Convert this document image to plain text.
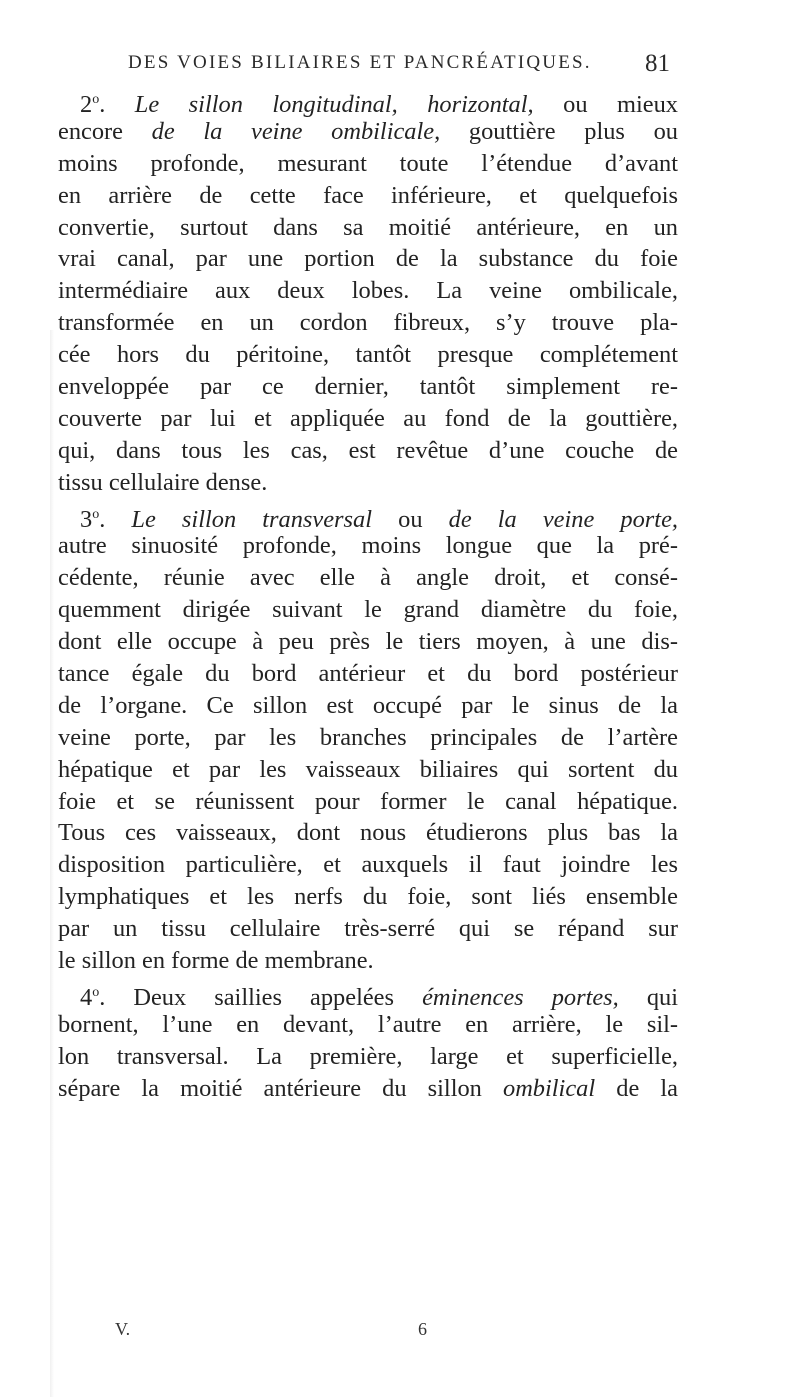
DES VOIES BILIAIRES ET PANCRÉATIQUES.	81
2$^o$. Le sillon longitudinal, horizontal, ou mieux
encore de la veine ombilicale, gouttière plus ou
moins profonde, mesurant toute l’étendue d’avant
en arrière de cette face inférieure, et quelquefois
convertie, surtout dans sa moitié antérieure, en un
vrai canal, par une portion de la substance du foie
intermédiaire aux deux lobes. La veine ombilicale,
transformée en un cordon fibreux, s’y trouve pla-
cée hors du péritoine, tantôt presque complétement
enveloppée par ce dernier, tantôt simplement re-
couverte par lui et appliquée au fond de la gouttière,
qui, dans tous les cas, est revêtue d’une couche de
tissu cellulaire dense.
3$^o$. Le sillon transversal ou de la veine porte,
autre sinuosité profonde, moins longue que la pré-
cédente, réunie avec elle à angle droit, et consé-
quemment dirigée suivant le grand diamètre du foie,
dont elle occupe à peu près le tiers moyen, à une dis-
tance égale du bord antérieur et du bord postérieur
de l’organe. Ce sillon est occupé par le sinus de la
veine porte, par les branches principales de l’artère
hépatique et par les vaisseaux biliaires qui sortent du
foie et se réunissent pour former le canal hépatique.
Tous ces vaisseaux, dont nous étudierons plus bas la
disposition particulière, et auxquels il faut joindre les
lymphatiques et les nerfs du foie, sont liés ensemble
par un tissu cellulaire très-serré qui se répand sur
le sillon en forme de membrane.
4$^o$. Deux saillies appelées éminences portes, qui
bornent, l’une en devant, l’autre en arrière, le sil-
lon transversal. La première, large et superficielle,
sépare la moitié antérieure du sillon ombilical de la
V.	6
